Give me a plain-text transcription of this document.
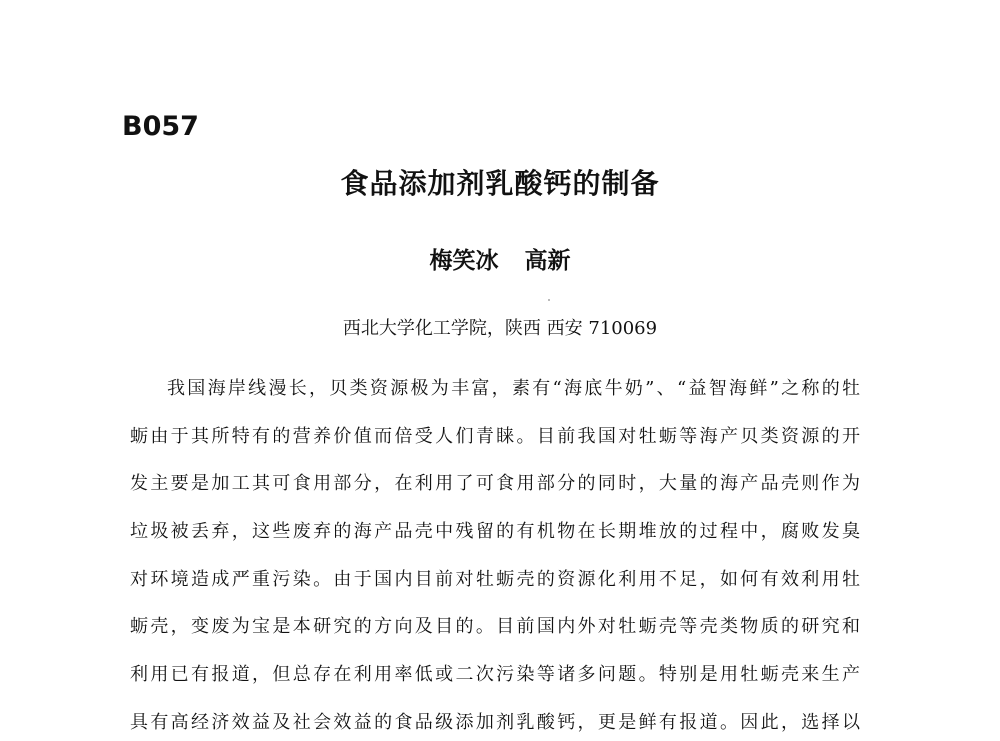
B057
食品添加剂乳酸钙的制备
梅笑冰 高新
西北大学化工学院，陕西 西安 710069
我国海岸线漫长，贝类资源极为丰富，素有“海底牛奶”、“益智海鲜”之称的牡
蛎由于其所特有的营养价值而倍受人们青睐。目前我国对牡蛎等海产贝类资源的开
发主要是加工其可食用部分，在利用了可食用部分的同时，大量的海产品壳则作为
垃圾被丢弃，这些废弃的海产品壳中残留的有机物在长期堆放的过程中，腐败发臭
对环境造成严重污染。由于国内目前对牡蛎壳的资源化利用不足，如何有效利用牡
蛎壳，变废为宝是本研究的方向及目的。目前国内外对牡蛎壳等壳类物质的研究和
利用已有报道，但总存在利用率低或二次污染等诸多问题。特别是用牡蛎壳来生产
具有高经济效益及社会效益的食品级添加剂乳酸钙，更是鲜有报道。因此，选择以
